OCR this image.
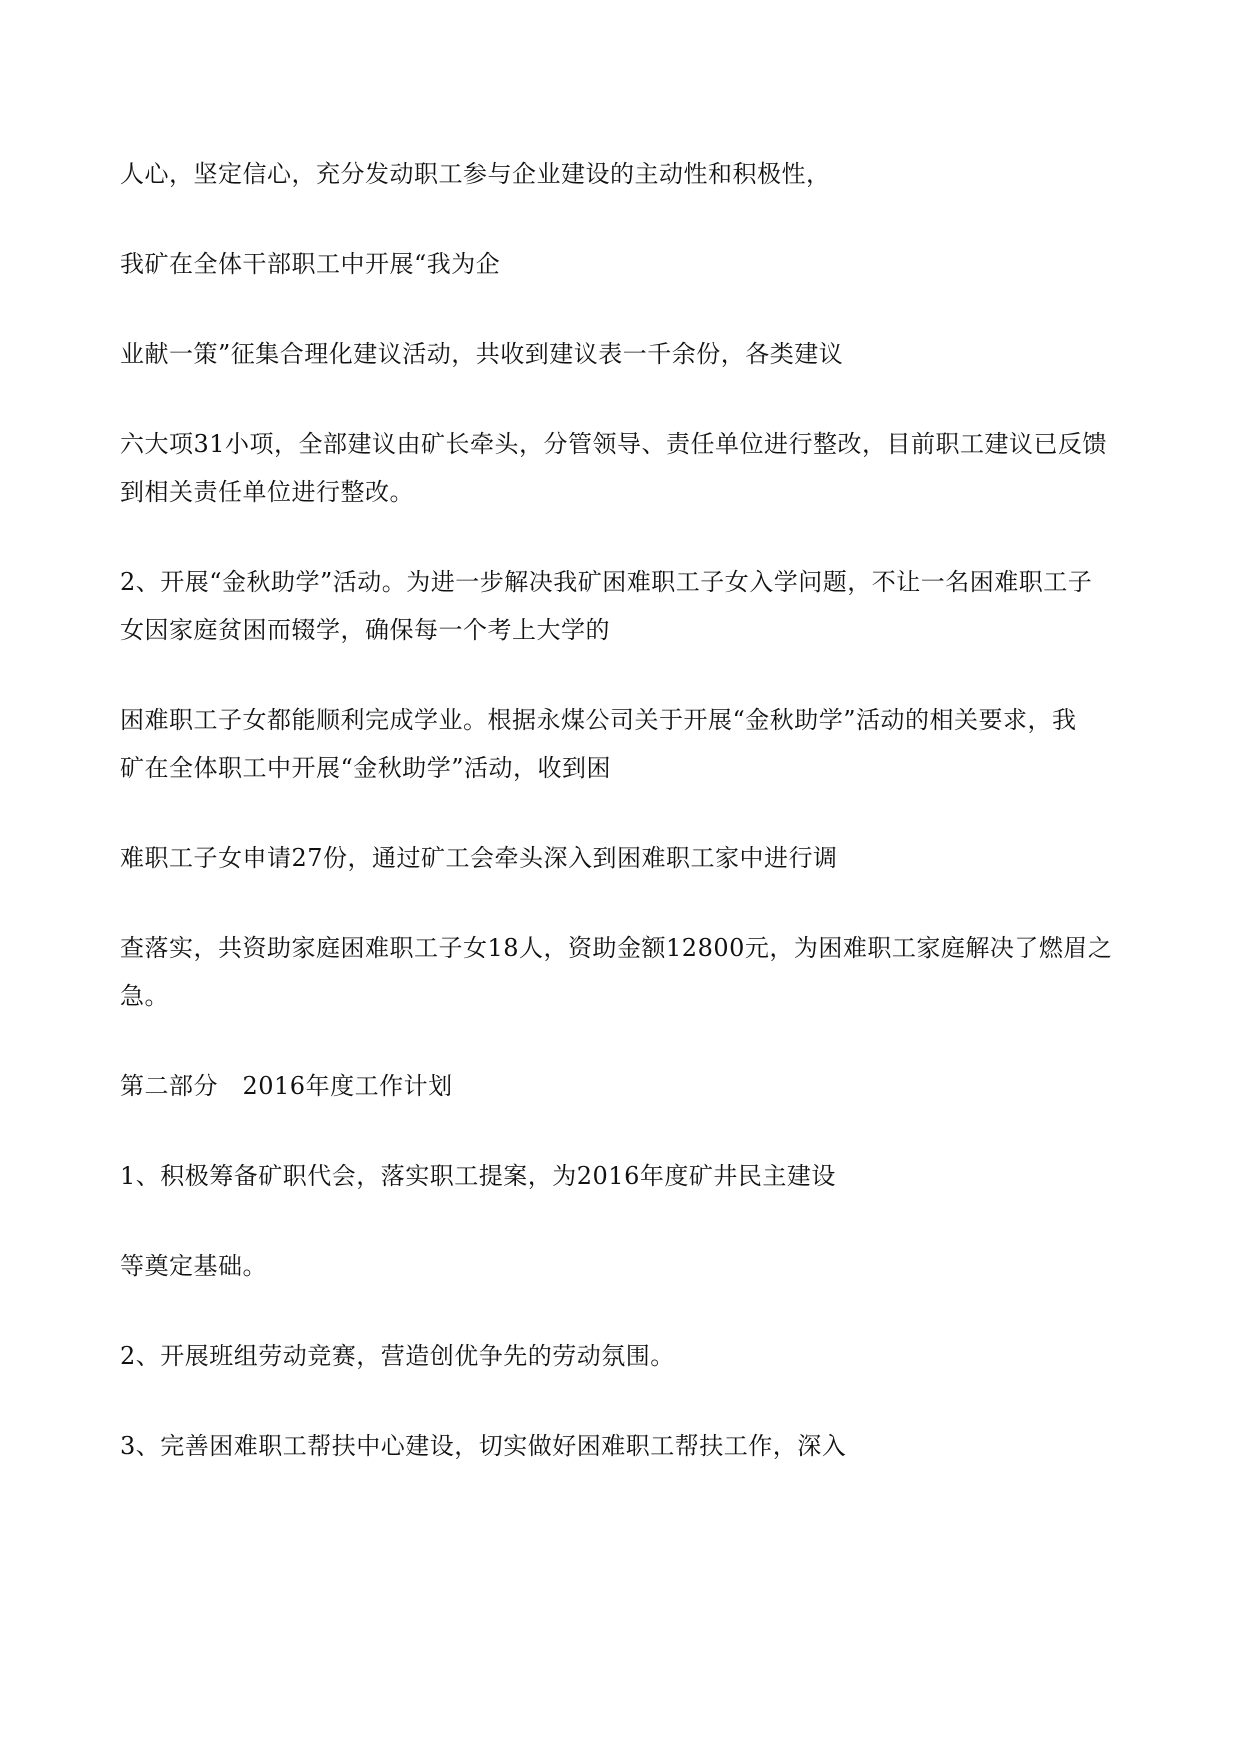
人心，坚定信心，充分发动职工参与企业建设的主动性和积极性，
我矿在全体干部职工中开展“我为企
业献一策”征集合理化建议活动，共收到建议表一千余份，各类建议
六大项31小项，全部建议由矿长牵头，分管领导、责任单位进行整改，目前职工建议已反馈
到相关责任单位进行整改。
2、开展“金秋助学”活动。为进一步解决我矿困难职工子女入学问题，不让一名困难职工子
女因家庭贫困而辍学，确保每一个考上大学的
困难职工子女都能顺利完成学业。根据永煤公司关于开展“金秋助学”活动的相关要求，我
矿在全体职工中开展“金秋助学”活动，收到困
难职工子女申请27份，通过矿工会牵头深入到困难职工家中进行调
查落实，共资助家庭困难职工子女18人，资助金额12800元，为困难职工家庭解决了燃眉之
急。
第二部分　2016年度工作计划
1、积极筹备矿职代会，落实职工提案，为2016年度矿井民主建设
等奠定基础。
2、开展班组劳动竞赛，营造创优争先的劳动氛围。
3、完善困难职工帮扶中心建设，切实做好困难职工帮扶工作，深入
